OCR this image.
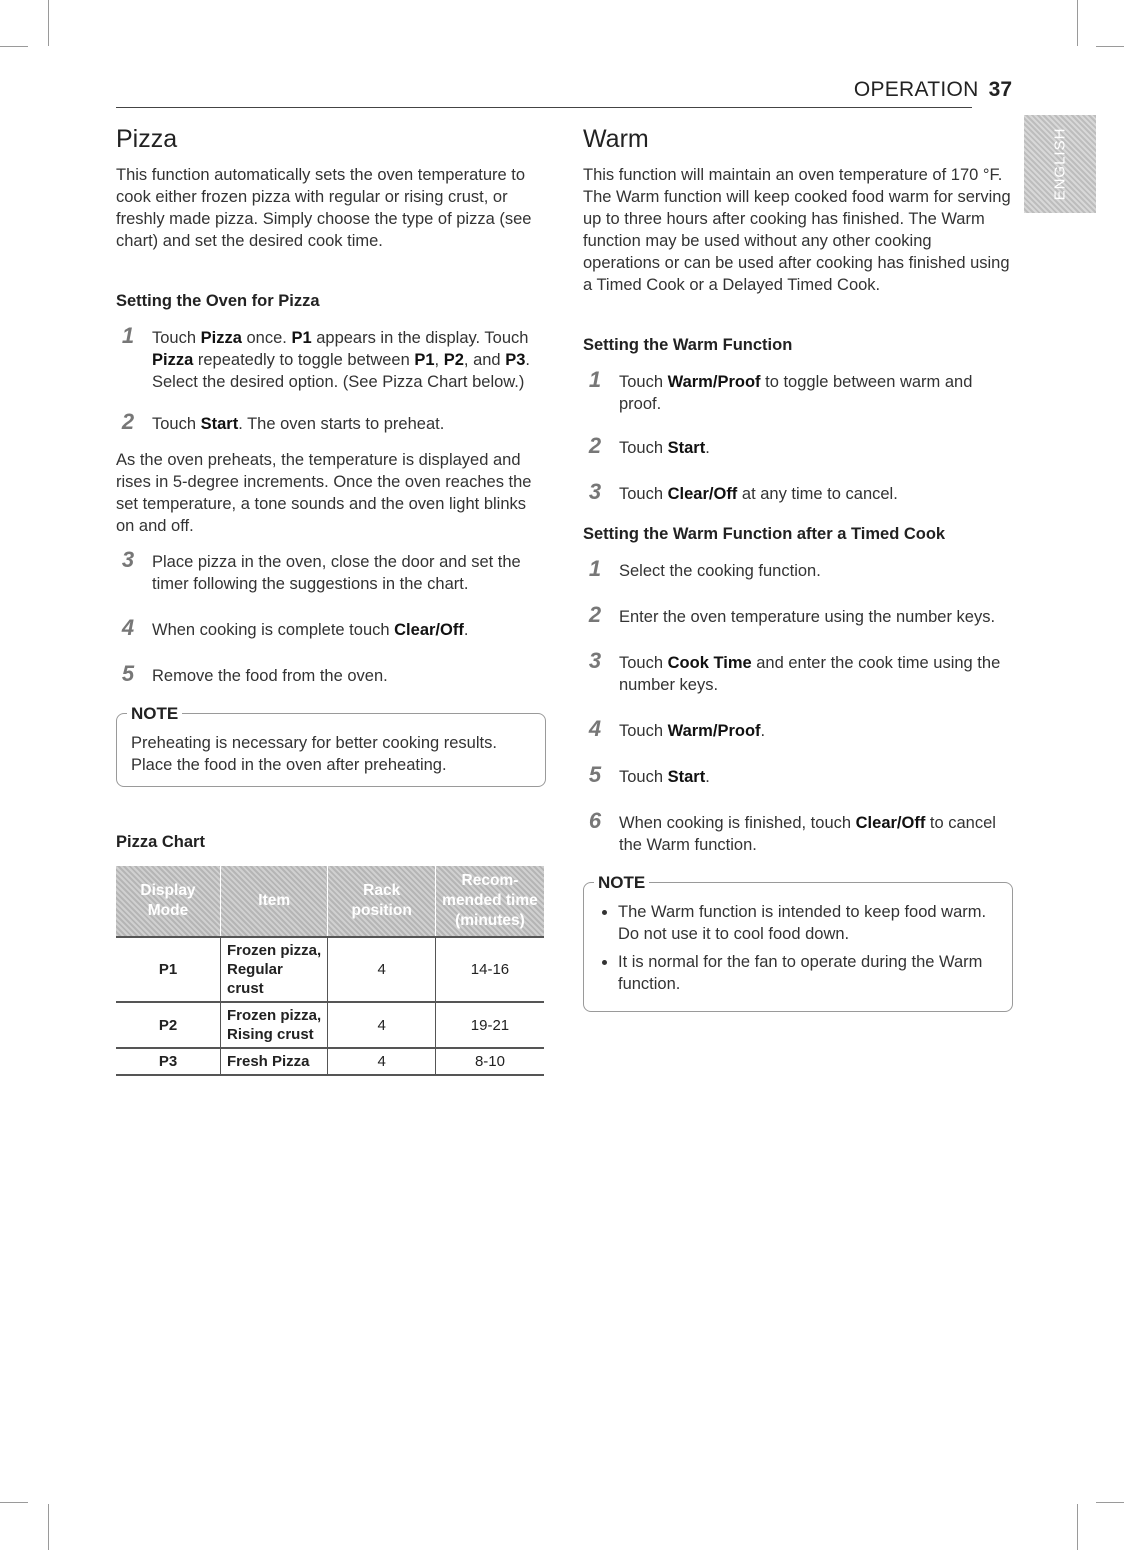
OPERATION 37
ENGLISH
Pizza

This function automatically sets the oven temperature to cook either frozen pizza with regular or rising crust, or freshly made pizza. Simply choose the type of pizza (see chart) and set the desired cook time.

Setting the Oven for Pizza
1	Touch Pizza once. P1 appears in the display. Touch Pizza repeatedly to toggle between P1, P2, and P3. Select the desired option. (See Pizza Chart below.)
2	Touch Start. The oven starts to preheat.

As the oven preheats, the temperature is displayed and rises in 5-degree increments. Once the oven reaches the set temperature, a tone sounds and the oven light blinks on and off.

3	Place pizza in the oven, close the door and set the timer following the suggestions in the chart.
4	When cooking is complete touch Clear/Off.
5	Remove the food from the oven.
NOTE
Preheating is necessary for better cooking results. Place the food in the oven after preheating.
Pizza Chart
Display Mode	Item	Rack position	Recom-mended time (minutes)
P1	Frozen pizza, Regular crust	4	14-16
P2	Frozen pizza, Rising crust	4	19-21
P3	Fresh Pizza	4	8-10
Warm

This function will maintain an oven temperature of 170 °F. The Warm function will keep cooked food warm for serving up to three hours after cooking has finished. The Warm function may be used without any other cooking operations or can be used after cooking has finished using a Timed Cook or a Delayed Timed Cook.

Setting the Warm Function
1	Touch Warm/Proof to toggle between warm and proof.
2	Touch Start.
3	Touch Clear/Off at any time to cancel.
Setting the Warm Function after a Timed Cook
1	Select the cooking function.
2	Enter the oven temperature using the number keys.
3	Touch Cook Time and enter the cook time using the number keys.
4	Touch Warm/Proof.
5	Touch Start.
6	When cooking is finished, touch Clear/Off to cancel the Warm function.
NOTE
• The Warm function is intended to keep food warm. Do not use it to cool food down.
• It is normal for the fan to operate during the Warm function.
